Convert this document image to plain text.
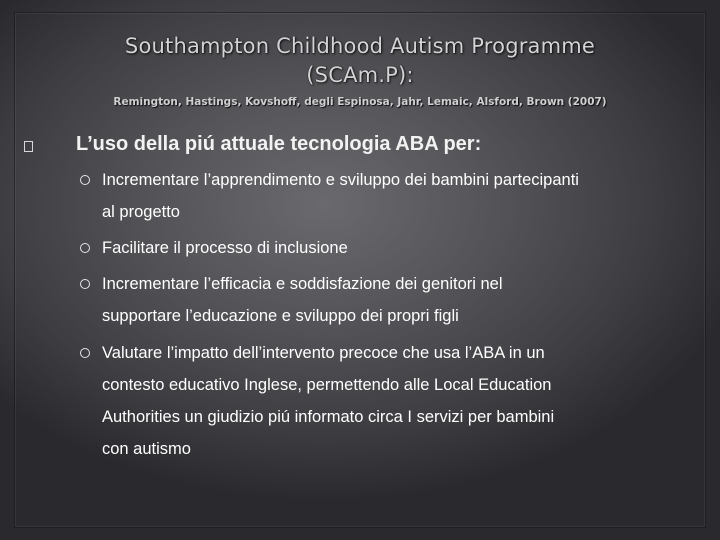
Southampton Childhood Autism Programme
(SCAm.P):
Remington, Hastings, Kovshoff, degli Espinosa, Jahr, Lemaic, Alsford, Brown (2007)
L’uso della piú attuale tecnologia ABA per:
Incrementare l’apprendimento e sviluppo dei bambini partecipanti
al progetto
Facilitare il processo di inclusione
Incrementare l’efficacia e soddisfazione dei genitori nel
supportare l’educazione e sviluppo dei propri figli
Valutare l’impatto dell’intervento precoce che usa l’ABA in un
contesto educativo Inglese, permettendo alle Local Education
Authorities un giudizio piú informato circa I servizi per bambini
con autismo
